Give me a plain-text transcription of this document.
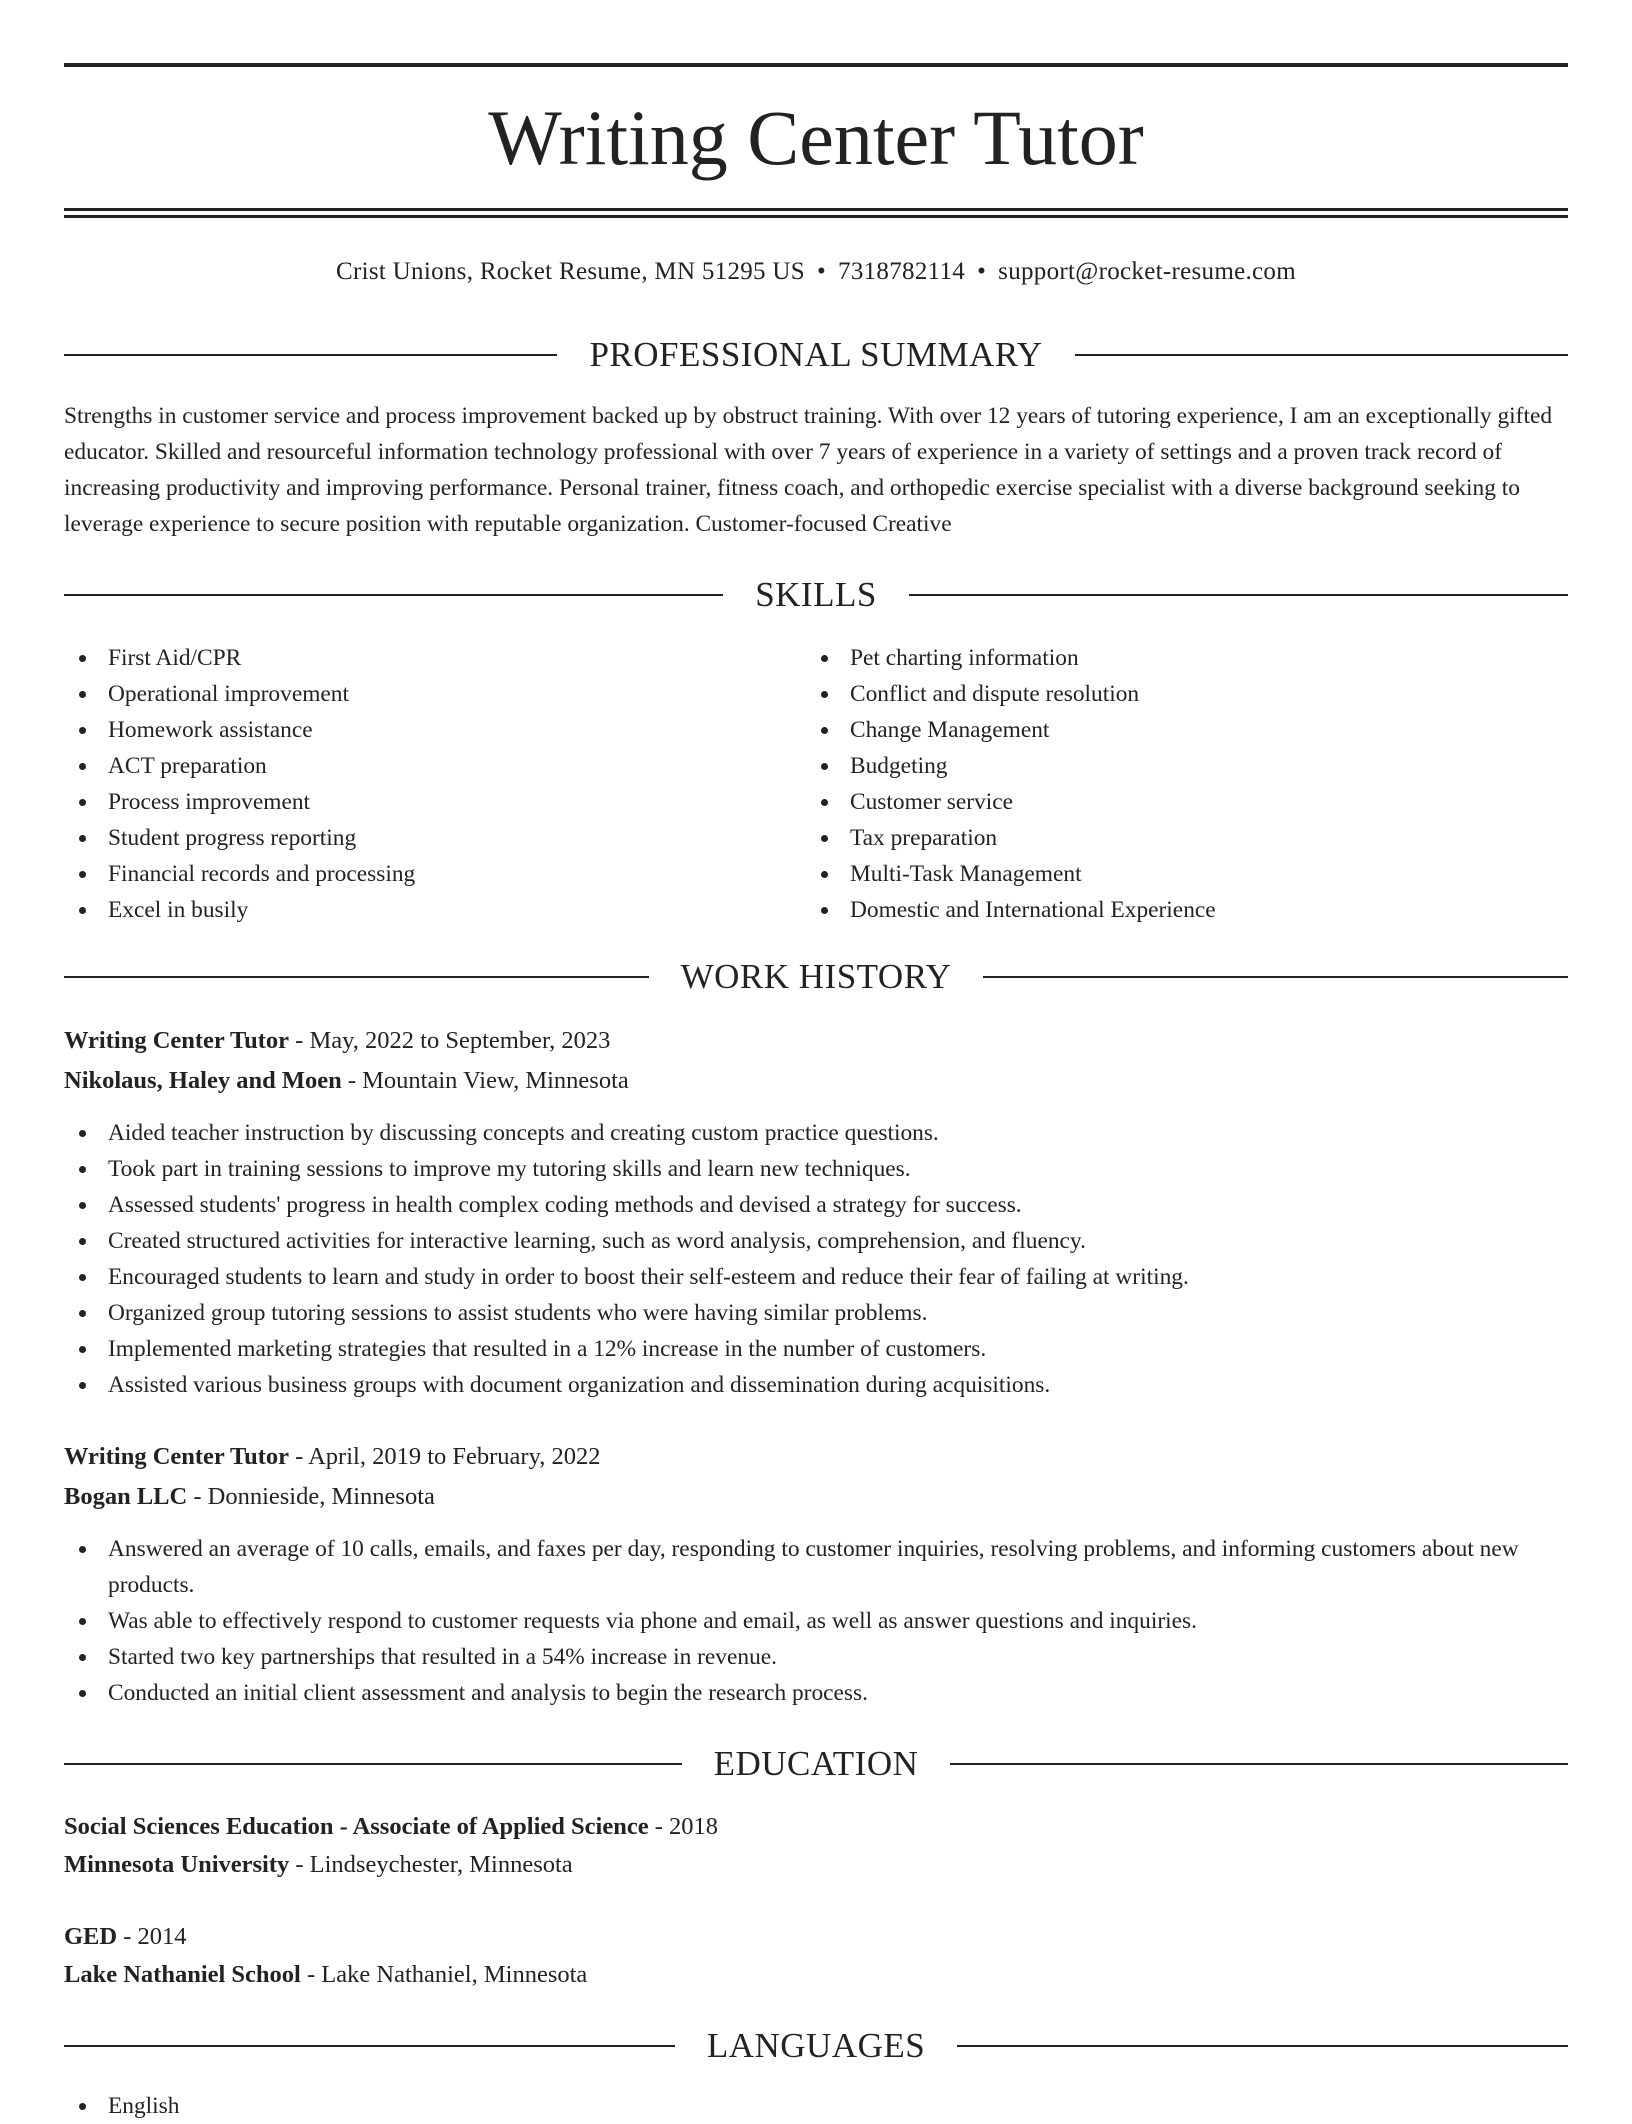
Writing Center Tutor
Crist Unions, Rocket Resume, MN 51295 US • 7318782114 • support@rocket-resume.com
PROFESSIONAL SUMMARY

Strengths in customer service and process improvement backed up by obstruct training. With over 12 years of tutoring experience, I am an exceptionally gifted educator. Skilled and resourceful information technology professional with over 7 years of experience in a variety of settings and a proven track record of increasing productivity and improving performance. Personal trainer, fitness coach, and orthopedic exercise specialist with a diverse background seeking to leverage experience to secure position with reputable organization. Customer-focused Creative

SKILLS
First Aid/CPR
Operational improvement
Homework assistance
ACT preparation
Process improvement
Student progress reporting
Financial records and processing
Excel in busily
Pet charting information
Conflict and dispute resolution
Change Management
Budgeting
Customer service
Tax preparation
Multi-Task Management
Domestic and International Experience
WORK HISTORY
Writing Center Tutor - May, 2022 to September, 2023
Nikolaus, Haley and Moen - Mountain View, Minnesota
Aided teacher instruction by discussing concepts and creating custom practice questions.
Took part in training sessions to improve my tutoring skills and learn new techniques.
Assessed students' progress in health complex coding methods and devised a strategy for success.
Created structured activities for interactive learning, such as word analysis, comprehension, and fluency.
Encouraged students to learn and study in order to boost their self-esteem and reduce their fear of failing at writing.
Organized group tutoring sessions to assist students who were having similar problems.
Implemented marketing strategies that resulted in a 12% increase in the number of customers.
Assisted various business groups with document organization and dissemination during acquisitions.
Writing Center Tutor - April, 2019 to February, 2022
Bogan LLC - Donnieside, Minnesota
Answered an average of 10 calls, emails, and faxes per day, responding to customer inquiries, resolving problems, and informing customers about new products.
Was able to effectively respond to customer requests via phone and email, as well as answer questions and inquiries.
Started two key partnerships that resulted in a 54% increase in revenue.
Conducted an initial client assessment and analysis to begin the research process.
EDUCATION
Social Sciences Education - Associate of Applied Science - 2018
Minnesota University - Lindseychester, Minnesota
GED - 2014
Lake Nathaniel School - Lake Nathaniel, Minnesota
LANGUAGES
English
